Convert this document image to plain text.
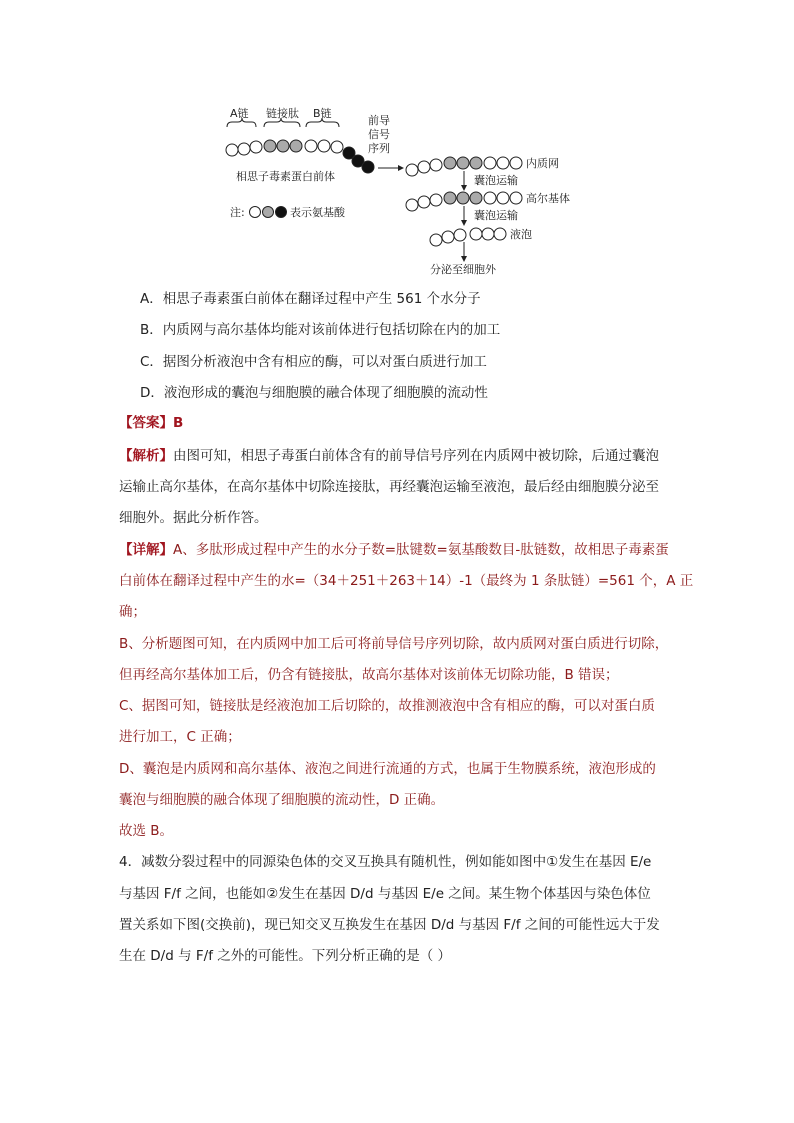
A链 链接肽 B链
前导
信号
序列
相思子毒素蛋白前体
内质网
囊泡运输
高尔基体
囊泡运输
液泡
分泌至细胞外
注:	表示氨基酸
A．相思子毒素蛋白前体在翻译过程中产生 561 个水分子
B．内质网与高尔基体均能对该前体进行包括切除在内的加工
C．据图分析液泡中含有相应的酶，可以对蛋白质进行加工
D．液泡形成的囊泡与细胞膜的融合体现了细胞膜的流动性
【答案】B
【解析】由图可知，相思子毒蛋白前体含有的前导信号序列在内质网中被切除，后通过囊泡
运输止高尔基体，在高尔基体中切除连接肽，再经囊泡运输至液泡，最后经由细胞膜分泌至
细胞外。据此分析作答。
【详解】A、多肽形成过程中产生的水分子数=肽键数=氨基酸数目-肽链数，故相思子毒素蛋
白前体在翻译过程中产生的水=（34＋251＋263＋14）-1（最终为 1 条肽链）=561 个，A 正
确；
B、分析题图可知，在内质网中加工后可将前导信号序列切除，故内质网对蛋白质进行切除，
但再经高尔基体加工后，仍含有链接肽，故高尔基体对该前体无切除功能，B 错误；
C、据图可知，链接肽是经液泡加工后切除的，故推测液泡中含有相应的酶，可以对蛋白质
进行加工，C 正确；
D、囊泡是内质网和高尔基体、液泡之间进行流通的方式，也属于生物膜系统，液泡形成的
囊泡与细胞膜的融合体现了细胞膜的流动性，D 正确。
故选 B。
4．减数分裂过程中的同源染色体的交叉互换具有随机性，例如能如图中①发生在基因 E/e
与基因 F/f 之间，也能如②发生在基因 D/d 与基因 E/e 之间。某生物个体基因与染色体位
置关系如下图(交换前)，现已知交叉互换发生在基因 D/d 与基因 F/f 之间的可能性远大于发
生在 D/d 与 F/f 之外的可能性。下列分析正确的是（ ）
